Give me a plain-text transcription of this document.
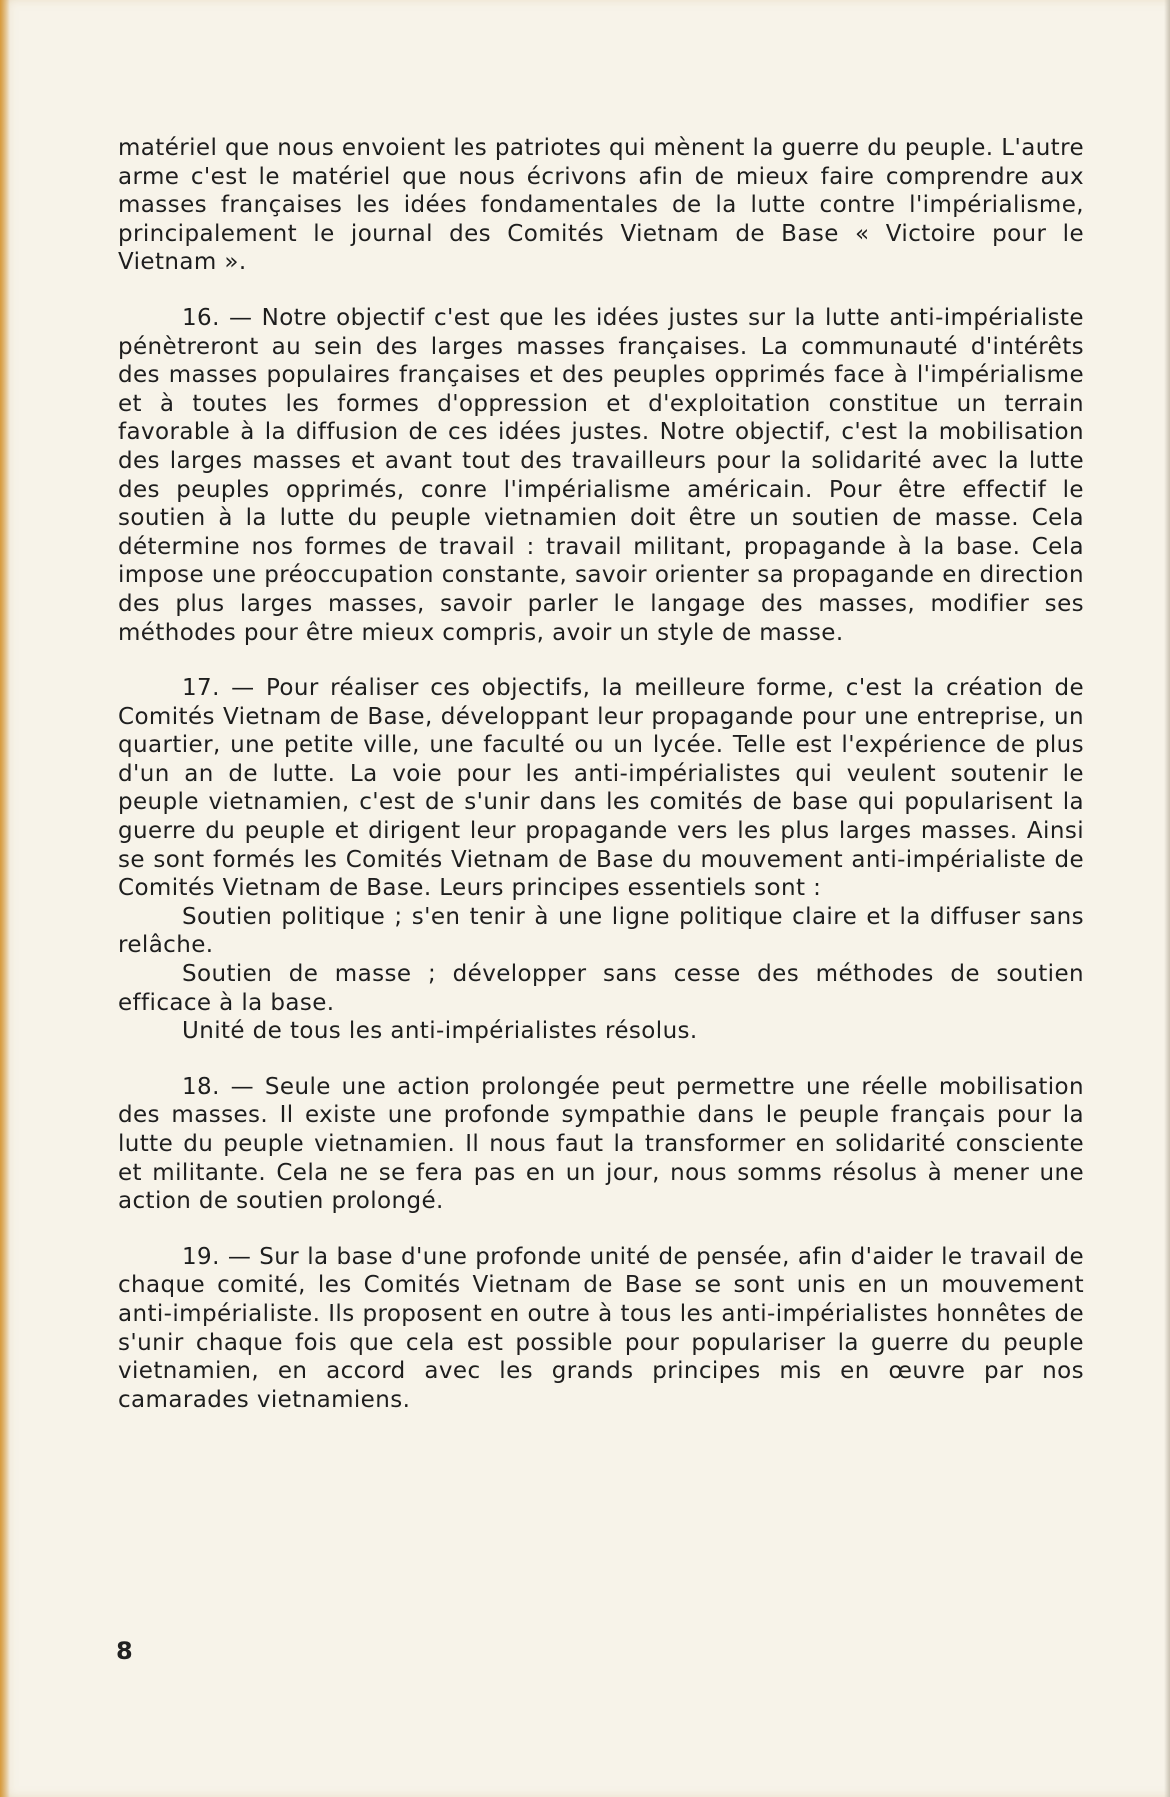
matériel que nous envoient les patriotes qui mènent la guerre du peuple. L'autre arme c'est le matériel que nous écrivons afin de mieux faire comprendre aux masses françaises les idées fondamentales de la lutte contre l'impérialisme, principalement le journal des Comités Vietnam de Base « Victoire pour le Vietnam ».

16. — Notre objectif c'est que les idées justes sur la lutte anti-impérialiste pénètreront au sein des larges masses françaises. La communauté d'intérêts des masses populaires françaises et des peuples opprimés face à l'impérialisme et à toutes les formes d'oppression et d'exploitation constitue un terrain favorable à la diffusion de ces idées justes. Notre objectif, c'est la mobilisation des larges masses et avant tout des travailleurs pour la solidarité avec la lutte des peuples opprimés, conre l'impérialisme américain. Pour être effectif le soutien à la lutte du peuple vietnamien doit être un soutien de masse. Cela détermine nos formes de travail : travail militant, propagande à la base. Cela impose une préoccupation constante, savoir orienter sa propagande en direction des plus larges masses, savoir parler le langage des masses, modifier ses méthodes pour être mieux compris, avoir un style de masse.

17. — Pour réaliser ces objectifs, la meilleure forme, c'est la création de Comités Vietnam de Base, développant leur propagande pour une entreprise, un quartier, une petite ville, une faculté ou un lycée. Telle est l'expérience de plus d'un an de lutte. La voie pour les anti-impérialistes qui veulent soutenir le peuple vietnamien, c'est de s'unir dans les comités de base qui popularisent la guerre du peuple et dirigent leur propagande vers les plus larges masses. Ainsi se sont formés les Comités Vietnam de Base du mouvement anti-impérialiste de Comités Vietnam de Base. Leurs principes essentiels sont :

Soutien politique ; s'en tenir à une ligne politique claire et la diffuser sans relâche.

Soutien de masse ; développer sans cesse des méthodes de soutien efficace à la base.

Unité de tous les anti-impérialistes résolus.

18. — Seule une action prolongée peut permettre une réelle mobilisation des masses. Il existe une profonde sympathie dans le peuple français pour la lutte du peuple vietnamien. Il nous faut la transformer en solidarité consciente et militante. Cela ne se fera pas en un jour, nous somms résolus à mener une action de soutien prolongé.

19. — Sur la base d'une profonde unité de pensée, afin d'aider le travail de chaque comité, les Comités Vietnam de Base se sont unis en un mouvement anti-impérialiste. Ils proposent en outre à tous les anti-impérialistes honnêtes de s'unir chaque fois que cela est possible pour populariser la guerre du peuple vietnamien, en accord avec les grands principes mis en œuvre par nos camarades vietnamiens.

8
